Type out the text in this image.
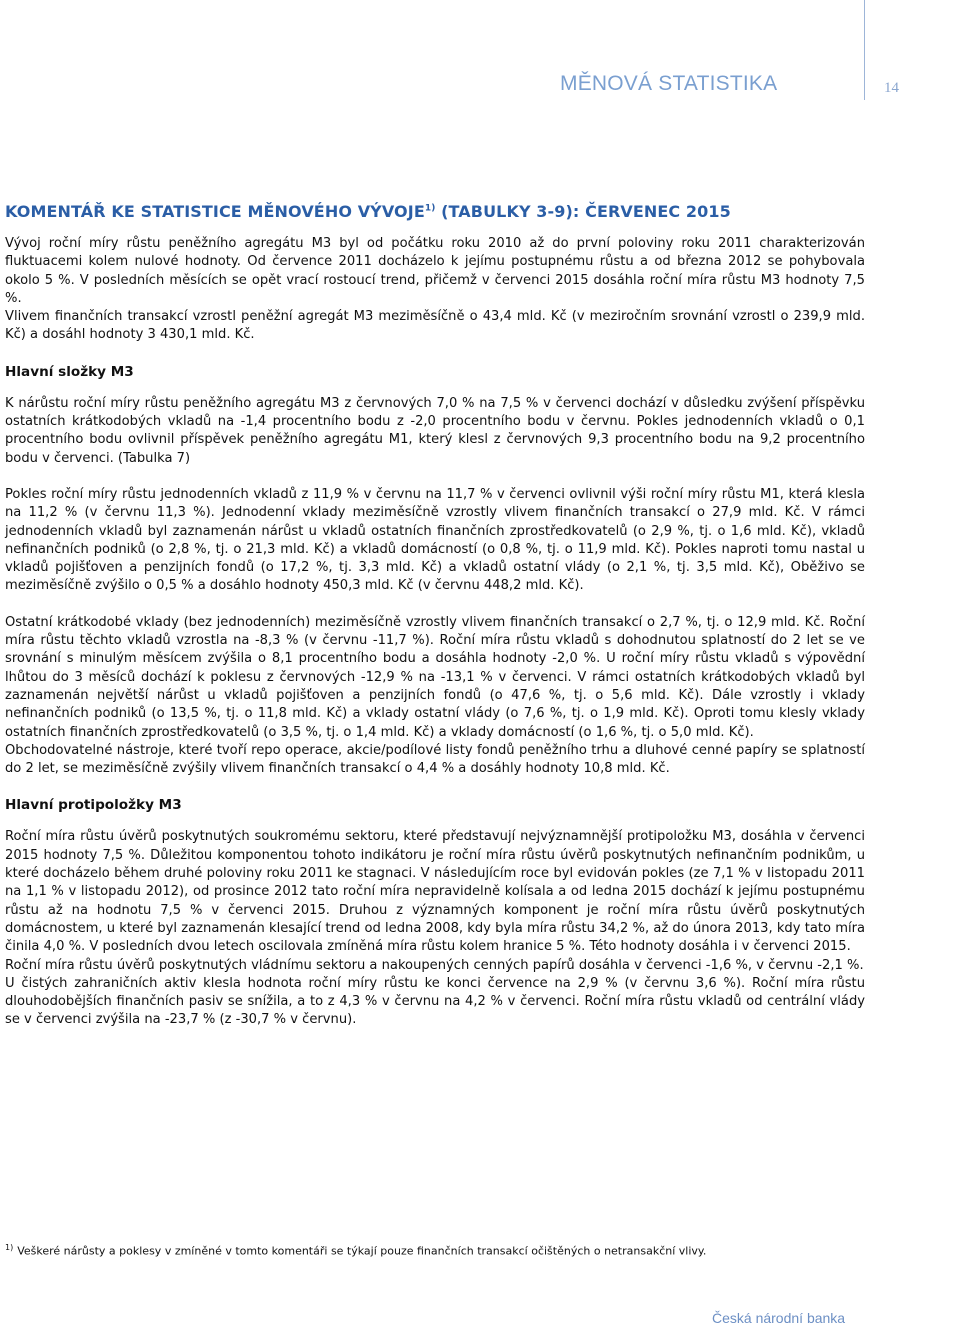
MĚNOVÁ STATISTIKA	14
KOMENTÁŘ KE STATISTICE MĚNOVÉHO VÝVOJE$^{1)}$ (TABULKY 3-9): ČERVENEC 2015

Vývoj roční míry růstu peněžního agregátu M3 byl od počátku roku 2010 až do první poloviny roku 2011 charakterizován fluktuacemi kolem nulové hodnoty. Od července 2011 docházelo k jejímu postupnému růstu a od března 2012 se pohybovala okolo 5 %. V posledních měsících se opět vrací rostoucí trend, přičemž v červenci 2015 dosáhla roční míra růstu M3 hodnoty 7,5 %.

Vlivem finančních transakcí vzrostl peněžní agregát M3 meziměsíčně o 43,4 mld. Kč (v meziročním srovnání vzrostl o 239,9 mld. Kč) a dosáhl hodnoty 3 430,1 mld. Kč.

Hlavní složky M3

K nárůstu roční míry růstu peněžního agregátu M3 z červnových 7,0 % na 7,5 % v červenci dochází v důsledku zvýšení příspěvku ostatních krátkodobých vkladů na -1,4 procentního bodu z -2,0 procentního bodu v červnu. Pokles jednodenních vkladů o 0,1 procentního bodu ovlivnil příspěvek peněžního agregátu M1, který klesl z červnových 9,3 procentního bodu na 9,2 procentního bodu v červenci. (Tabulka 7)

Pokles roční míry růstu jednodenních vkladů z 11,9 % v červnu na 11,7 % v červenci ovlivnil výši roční míry růstu M1, která klesla na 11,2 % (v červnu 11,3 %). Jednodenní vklady meziměsíčně vzrostly vlivem finančních transakcí o 27,9 mld. Kč. V rámci jednodenních vkladů byl zaznamenán nárůst u vkladů ostatních finančních zprostředkovatelů (o 2,9 %, tj. o 1,6 mld. Kč), vkladů nefinančních podniků (o 2,8 %, tj. o 21,3 mld. Kč) a vkladů domácností (o 0,8 %, tj. o 11,9 mld. Kč). Pokles naproti tomu nastal u vkladů pojišťoven a penzijních fondů (o 17,2 %, tj. 3,3 mld. Kč) a vkladů ostatní vlády (o 2,1 %, tj. 3,5 mld. Kč), Oběživo se meziměsíčně zvýšilo o 0,5 % a dosáhlo hodnoty 450,3 mld. Kč (v červnu 448,2 mld. Kč).

Ostatní krátkodobé vklady (bez jednodenních) meziměsíčně vzrostly vlivem finančních transakcí o 2,7 %, tj. o 12,9 mld. Kč. Roční míra růstu těchto vkladů vzrostla na -8,3 % (v červnu -11,7 %). Roční míra růstu vkladů s dohodnutou splatností do 2 let se ve srovnání s minulým měsícem zvýšila o 8,1 procentního bodu a dosáhla hodnoty -2,0 %. U roční míry růstu vkladů s výpovědní lhůtou do 3 měsíců dochází k poklesu z červnových -12,9 % na -13,1 % v červenci. V rámci ostatních krátkodobých vkladů byl zaznamenán největší nárůst u vkladů pojišťoven a penzijních fondů (o 47,6 %, tj. o 5,6 mld. Kč). Dále vzrostly i vklady nefinančních podniků (o 13,5 %, tj. o 11,8 mld. Kč) a vklady ostatní vlády (o 7,6 %, tj. o 1,9 mld. Kč). Oproti tomu klesly vklady ostatních finančních zprostředkovatelů (o 3,5 %, tj. o 1,4 mld. Kč) a vklady domácností (o 1,6 %, tj. o 5,0 mld. Kč).

Obchodovatelné nástroje, které tvoří repo operace, akcie/podílové listy fondů peněžního trhu a dluhové cenné papíry se splatností do 2 let, se meziměsíčně zvýšily vlivem finančních transakcí o 4,4 % a dosáhly hodnoty 10,8 mld. Kč.

Hlavní protipoložky M3

Roční míra růstu úvěrů poskytnutých soukromému sektoru, které představují nejvýznamnější protipoložku M3, dosáhla v červenci 2015 hodnoty 7,5 %. Důležitou komponentou tohoto indikátoru je roční míra růstu úvěrů poskytnutých nefinančním podnikům, u které docházelo během druhé poloviny roku 2011 ke stagnaci. V následujícím roce byl evidován pokles (ze 7,1 % v listopadu 2011 na 1,1 % v listopadu 2012), od prosince 2012 tato roční míra nepravidelně kolísala a od ledna 2015 dochází k jejímu postupnému růstu až na hodnotu 7,5 % v červenci 2015. Druhou z významných komponent je roční míra růstu úvěrů poskytnutých domácnostem, u které byl zaznamenán klesající trend od ledna 2008, kdy byla míra růstu 34,2 %, až do února 2013, kdy tato míra činila 4,0 %. V posledních dvou letech oscilovala zmíněná míra růstu kolem hranice 5 %. Této hodnoty dosáhla i v červenci 2015.

Roční míra růstu úvěrů poskytnutých vládnímu sektoru a nakoupených cenných papírů dosáhla v červenci -1,6 %, v červnu -2,1 %.

U čistých zahraničních aktiv klesla hodnota roční míry růstu ke konci července na 2,9 % (v červnu 3,6 %). Roční míra růstu dlouhodobějších finančních pasiv se snížila, a to z 4,3 % v červnu na 4,2 % v červenci. Roční míra růstu vkladů od centrální vlády se v červenci zvýšila na -23,7 % (z -30,7 % v červnu).

$^{1)}$ Veškeré nárůsty a poklesy v zmíněné v tomto komentáři se týkají pouze finančních transakcí očištěných o netransakční vlivy.
Česká národní banka
